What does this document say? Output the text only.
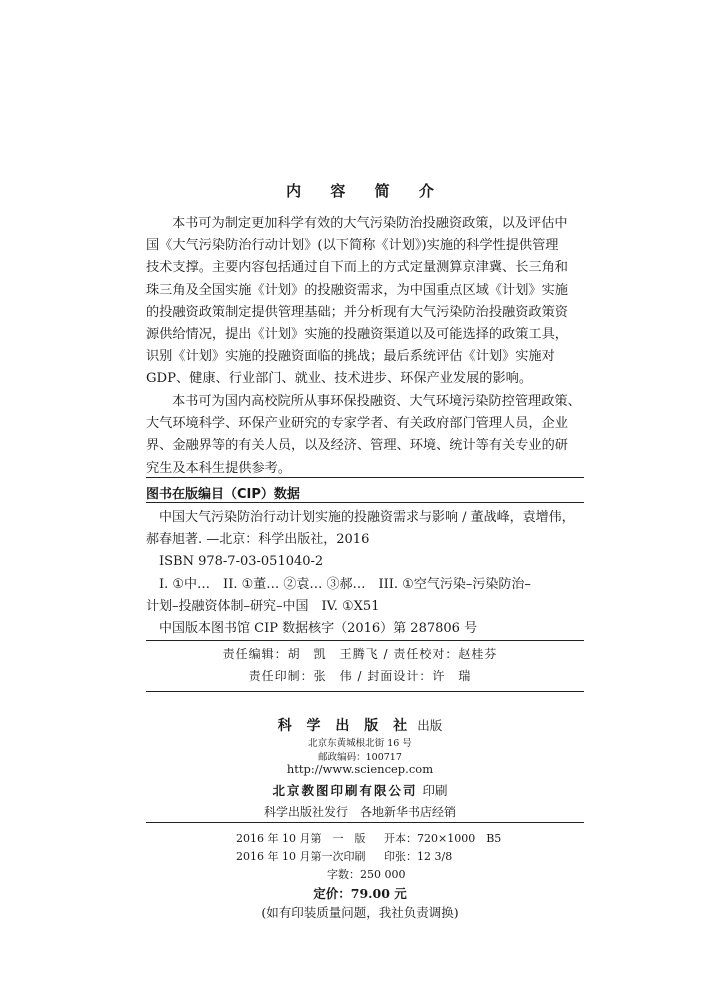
内 容 简 介
本书可为制定更加科学有效的大气污染防治投融资政策，以及评估中
国《大气污染防治行动计划》(以下简称《计划》)实施的科学性提供管理
技术支撑。主要内容包括通过自下而上的方式定量测算京津冀、长三角和
珠三角及全国实施《计划》的投融资需求，为中国重点区域《计划》实施
的投融资政策制定提供管理基础；并分析现有大气污染防治投融资政策资
源供给情况，提出《计划》实施的投融资渠道以及可能选择的政策工具，
识别《计划》实施的投融资面临的挑战；最后系统评估《计划》实施对
GDP、健康、行业部门、就业、技术进步、环保产业发展的影响。
本书可为国内高校院所从事环保投融资、大气环境污染防控管理政策、
大气环境科学、环保产业研究的专家学者、有关政府部门管理人员，企业
界、金融界等的有关人员，以及经济、管理、环境、统计等有关专业的研
究生及本科生提供参考。
图书在版编目（CIP）数据
中国大气污染防治行动计划实施的投融资需求与影响 / 董战峰，袁增伟，
郝春旭著. —北京：科学出版社，2016
ISBN 978-7-03-051040-2
I. ①中…　II. ①董… ②袁… ③郝…　III. ①空气污染–污染防治–
计划–投融资体制–研究–中国　IV. ①X51
中国版本图书馆 CIP 数据核字（2016）第 287806 号
责任编辑：胡　凯　王腾飞 / 责任校对：赵桂芬
责任印制：张　伟 / 封面设计：许　瑞
科 学 出 版 社 出版
北京东黄城根北街 16 号
邮政编码：100717
http://www.sciencep.com
北京教图印刷有限公司 印刷
科学出版社发行　各地新华书店经销
2016 年 10 月第　一　版
2016 年 10 月第一次印刷
开本：720×1000　B5
印张：12 3/8
字数：250 000
定价：79.00 元
(如有印装质量问题，我社负责调换)
